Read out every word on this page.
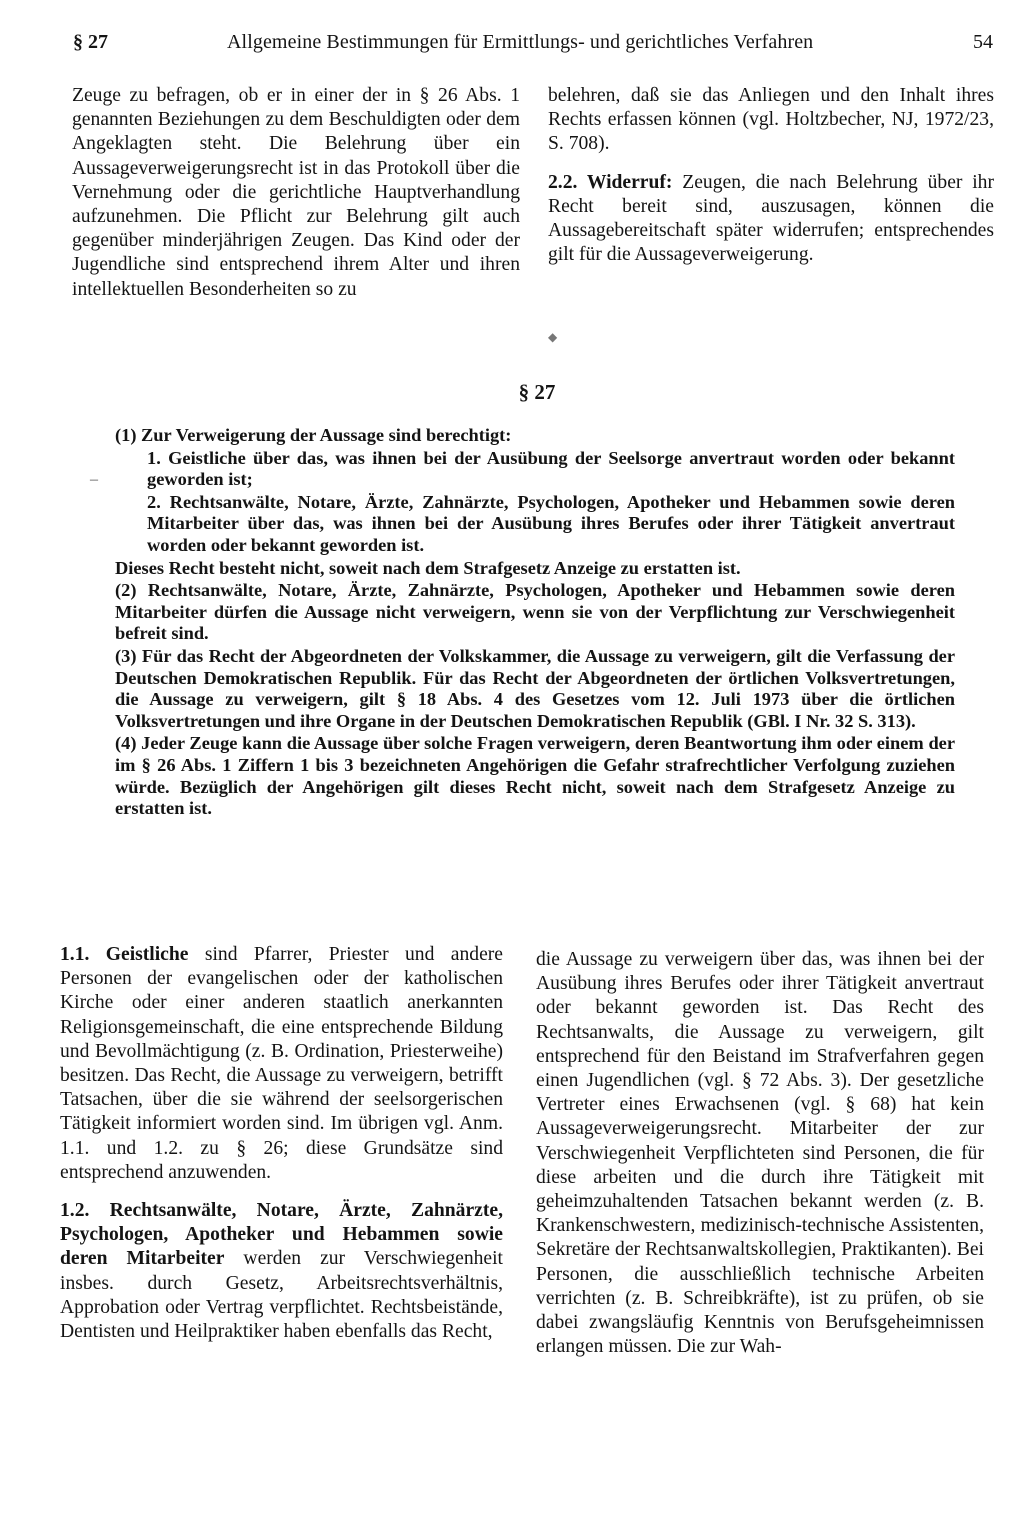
§ 27	Allgemeine Bestimmungen für Ermittlungs- und gerichtliches Verfahren	54

Zeuge zu befragen, ob er in einer der in § 26 Abs. 1 genannten Beziehungen zu dem Beschuldigten oder dem Angeklagten steht. Die Belehrung über ein Aussageverweigerungsrecht ist in das Protokoll über die Vernehmung oder die gerichtliche Hauptverhandlung aufzunehmen. Die Pflicht zur Belehrung gilt auch gegenüber minderjährigen Zeugen. Das Kind oder der Jugendliche sind entsprechend ihrem Alter und ihren intellektuellen Besonderheiten so zu

belehren, daß sie das Anliegen und den Inhalt ihres Rechts erfassen können (vgl. Holtzbecher, NJ, 1972/23, S. 708).

2.2. Widerruf: Zeugen, die nach Belehrung über ihr Recht bereit sind, auszusagen, können die Aussagebereitschaft später widerrufen; entsprechendes gilt für die Aussageverweigerung.

◆
§ 27
–

(1) Zur Verweigerung der Aussage sind berechtigt:

1. Geistliche über das, was ihnen bei der Ausübung der Seelsorge anvertraut worden oder bekannt geworden ist;

2. Rechtsanwälte, Notare, Ärzte, Zahnärzte, Psychologen, Apotheker und Hebammen sowie deren Mitarbeiter über das, was ihnen bei der Ausübung ihres Berufes oder ihrer Tätigkeit anvertraut worden oder bekannt geworden ist.

Dieses Recht besteht nicht, soweit nach dem Strafgesetz Anzeige zu erstatten ist.

(2) Rechtsanwälte, Notare, Ärzte, Zahnärzte, Psychologen, Apotheker und Hebammen sowie deren Mitarbeiter dürfen die Aussage nicht verweigern, wenn sie von der Verpflichtung zur Verschwiegenheit befreit sind.

(3) Für das Recht der Abgeordneten der Volkskammer, die Aussage zu verweigern, gilt die Verfassung der Deutschen Demokratischen Republik. Für das Recht der Abgeordneten der örtlichen Volksvertretungen, die Aussage zu verweigern, gilt § 18 Abs. 4 des Gesetzes vom 12. Juli 1973 über die örtlichen Volksvertretungen und ihre Organe in der Deutschen Demokratischen Republik (GBl. I Nr. 32 S. 313).

(4) Jeder Zeuge kann die Aussage über solche Fragen verweigern, deren Beantwortung ihm oder einem der im § 26 Abs. 1 Ziffern 1 bis 3 bezeichneten Angehörigen die Gefahr strafrechtlicher Verfolgung zuziehen würde. Bezüglich der Angehörigen gilt dieses Recht nicht, soweit nach dem Strafgesetz Anzeige zu erstatten ist.

1.1. Geistliche sind Pfarrer, Priester und andere Personen der evangelischen oder der katholischen Kirche oder einer anderen staatlich anerkannten Religionsgemeinschaft, die eine entsprechende Bildung und Bevollmächtigung (z. B. Ordination, Priesterweihe) besitzen. Das Recht, die Aussage zu verweigern, betrifft Tatsachen, über die sie während der seelsorgerischen Tätigkeit informiert worden sind. Im übrigen vgl. Anm. 1.1. und 1.2. zu § 26; diese Grundsätze sind entsprechend anzuwenden.

1.2. Rechtsanwälte, Notare, Ärzte, Zahnärzte, Psychologen, Apotheker und Hebammen sowie deren Mitarbeiter werden zur Verschwiegenheit insbes. durch Gesetz, Arbeitsrechtsverhältnis, Approbation oder Vertrag verpflichtet. Rechtsbeistände, Dentisten und Heilpraktiker haben ebenfalls das Recht,

die Aussage zu verweigern über das, was ihnen bei der Ausübung ihres Berufes oder ihrer Tätigkeit anvertraut oder bekannt geworden ist. Das Recht des Rechtsanwalts, die Aussage zu verweigern, gilt entsprechend für den Beistand im Strafverfahren gegen einen Jugendlichen (vgl. § 72 Abs. 3). Der gesetzliche Vertreter eines Erwachsenen (vgl. § 68) hat kein Aussageverweigerungsrecht. Mitarbeiter der zur Verschwiegenheit Verpflichteten sind Personen, die für diese arbeiten und die durch ihre Tätigkeit mit geheimzuhaltenden Tatsachen bekannt werden (z. B. Krankenschwestern, medizinisch-technische Assistenten, Sekretäre der Rechtsanwaltskollegien, Praktikanten). Bei Personen, die ausschließlich technische Arbeiten verrichten (z. B. Schreibkräfte), ist zu prüfen, ob sie dabei zwangsläufig Kenntnis von Berufsgeheimnissen erlangen müssen. Die zur Wah-
